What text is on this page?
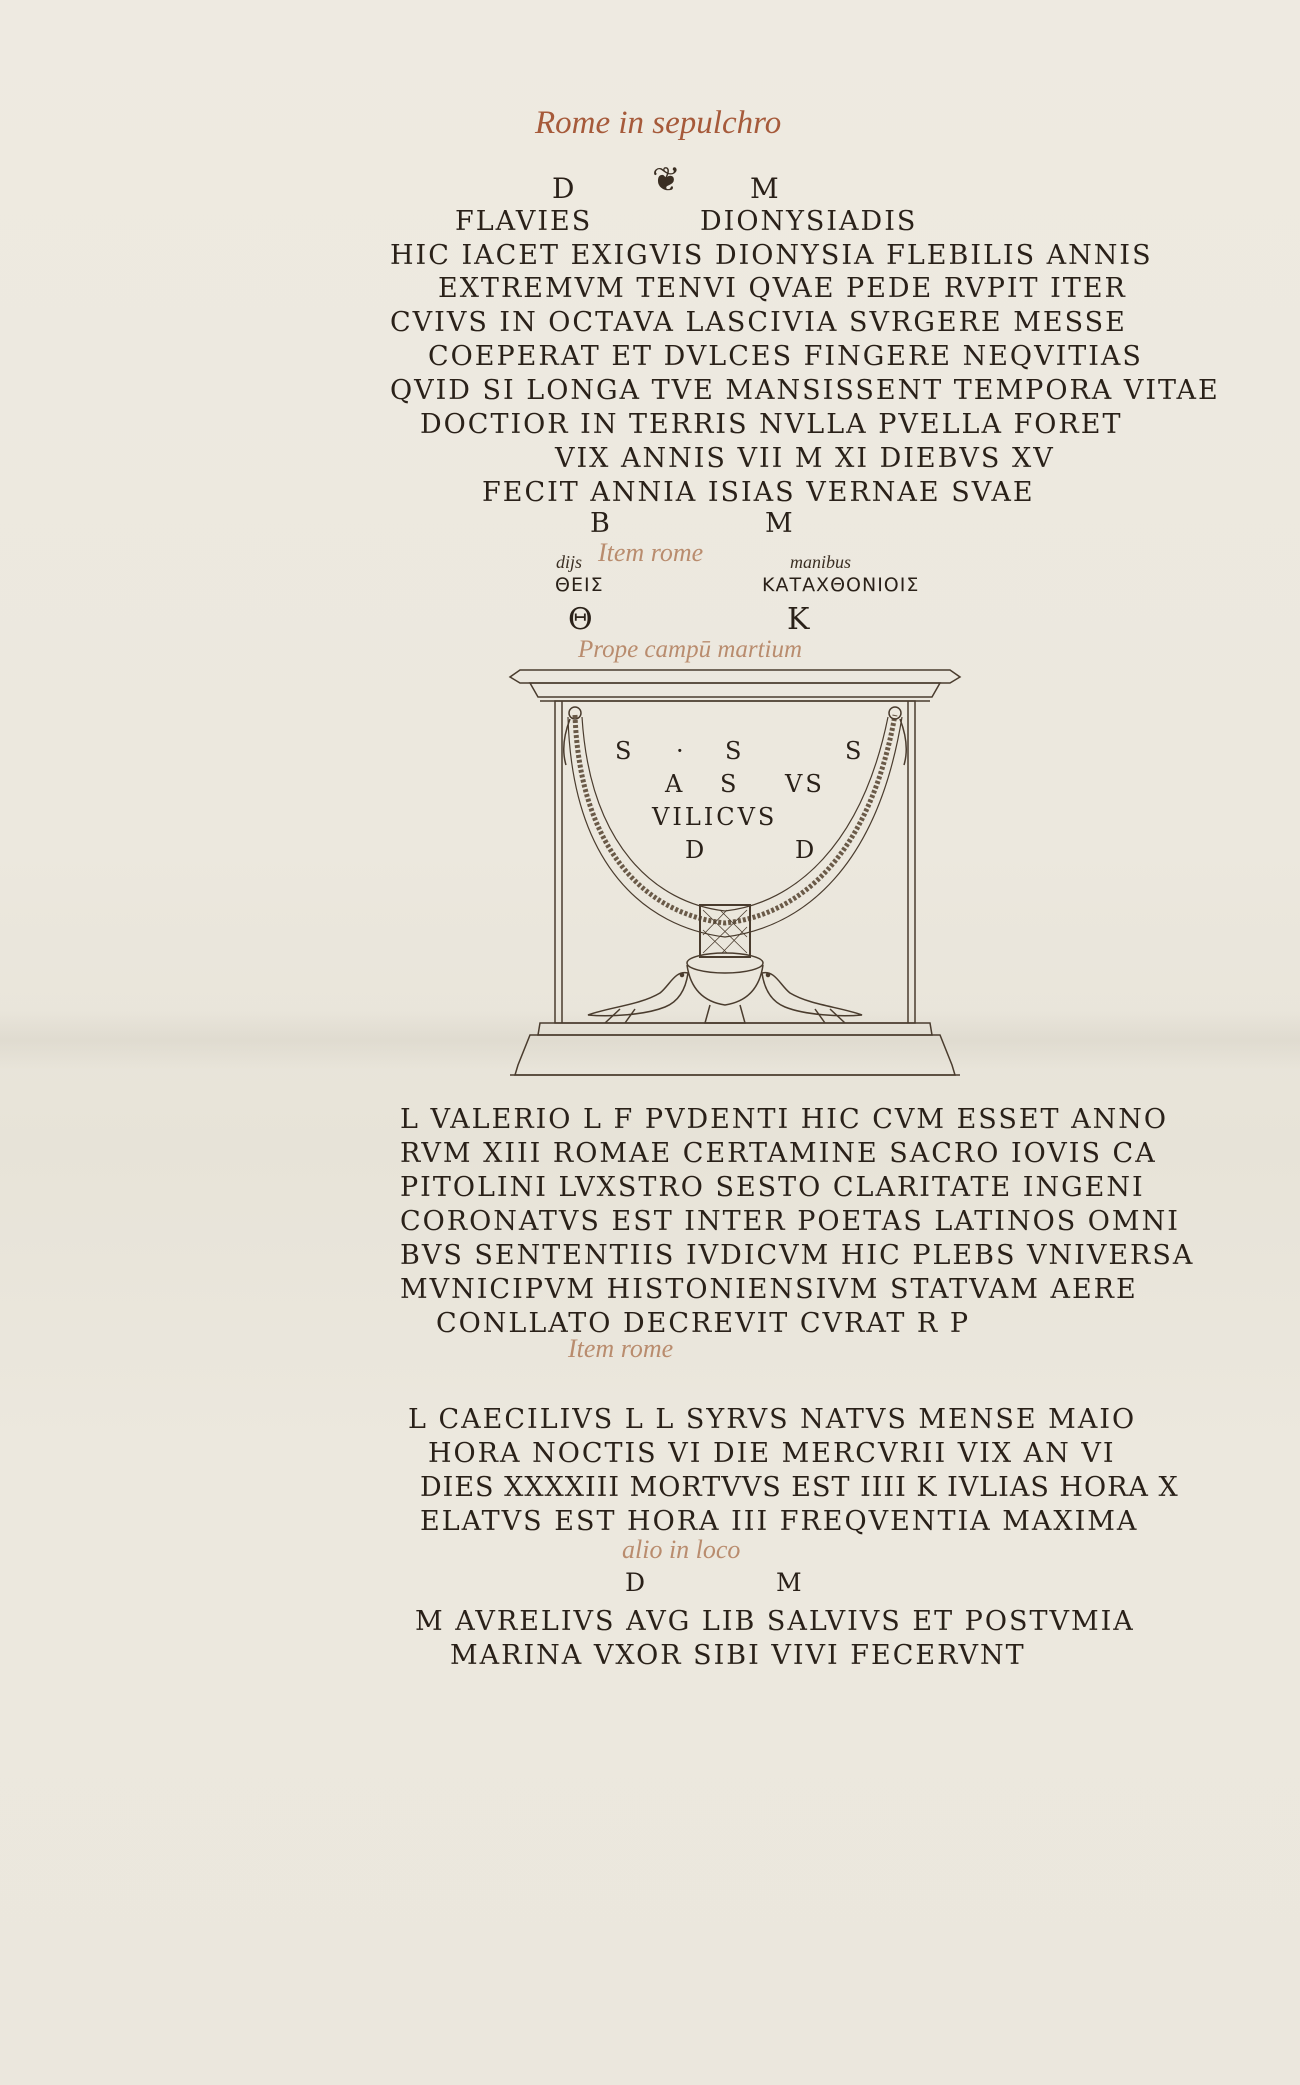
Rome in sepulchro
D ❦ M
FLAVIES	DIONYSIADIS
HIC IACET EXIGVIS DIONYSIA FLEBILIS ANNIS
EXTREMVM TENVI QVAE PEDE RVPIT ITER
CVIVS IN OCTAVA LASCIVIA SVRGERE MESSE
COEPERAT ET DVLCES FINGERE NEQVITIAS
QVID SI LONGA TVE MANSISSENT TEMPORA VITAE
DOCTIOR IN TERRIS NVLLA PVELLA FORET
VIX ANNIS VII M XI DIEBVS XV
FECIT ANNIA ISIAS VERNAE SVAE
B	M
dijs Item rome	manibus
ΘΕΙΣ	ΚΑΤΑΧΘΟΝΙΟΙΣ
Θ	Κ
Prope campū martium
S · S	S
A S VS
VILICVS
D	D
L VALERIO L F PVDENTI HIC CVM ESSET ANNO
RVM XIII ROMAE CERTAMINE SACRO IOVIS CA
PITOLINI LVXSTRO SESTO CLARITATE INGENI
CORONATVS EST INTER POETAS LATINOS OMNI
BVS SENTENTIIS IVDICVM HIC PLEBS VNIVERSA
MVNICIPVM HISTONIENSIVM STATVAM AERE
CONLLATO DECREVIT CVRAT R P
Item rome
L CAECILIVS L L SYRVS NATVS MENSE MAIO
HORA NOCTIS VI DIE MERCVRII VIX AN VI
DIES XXXXIII MORTVVS EST IIII K IVLIAS HORA X
ELATVS EST HORA III FREQVENTIA MAXIMA
alio in loco
D	M
M AVRELIVS AVG LIB SALVIVS ET POSTVMIA
MARINA VXOR SIBI VIVI FECERVNT
